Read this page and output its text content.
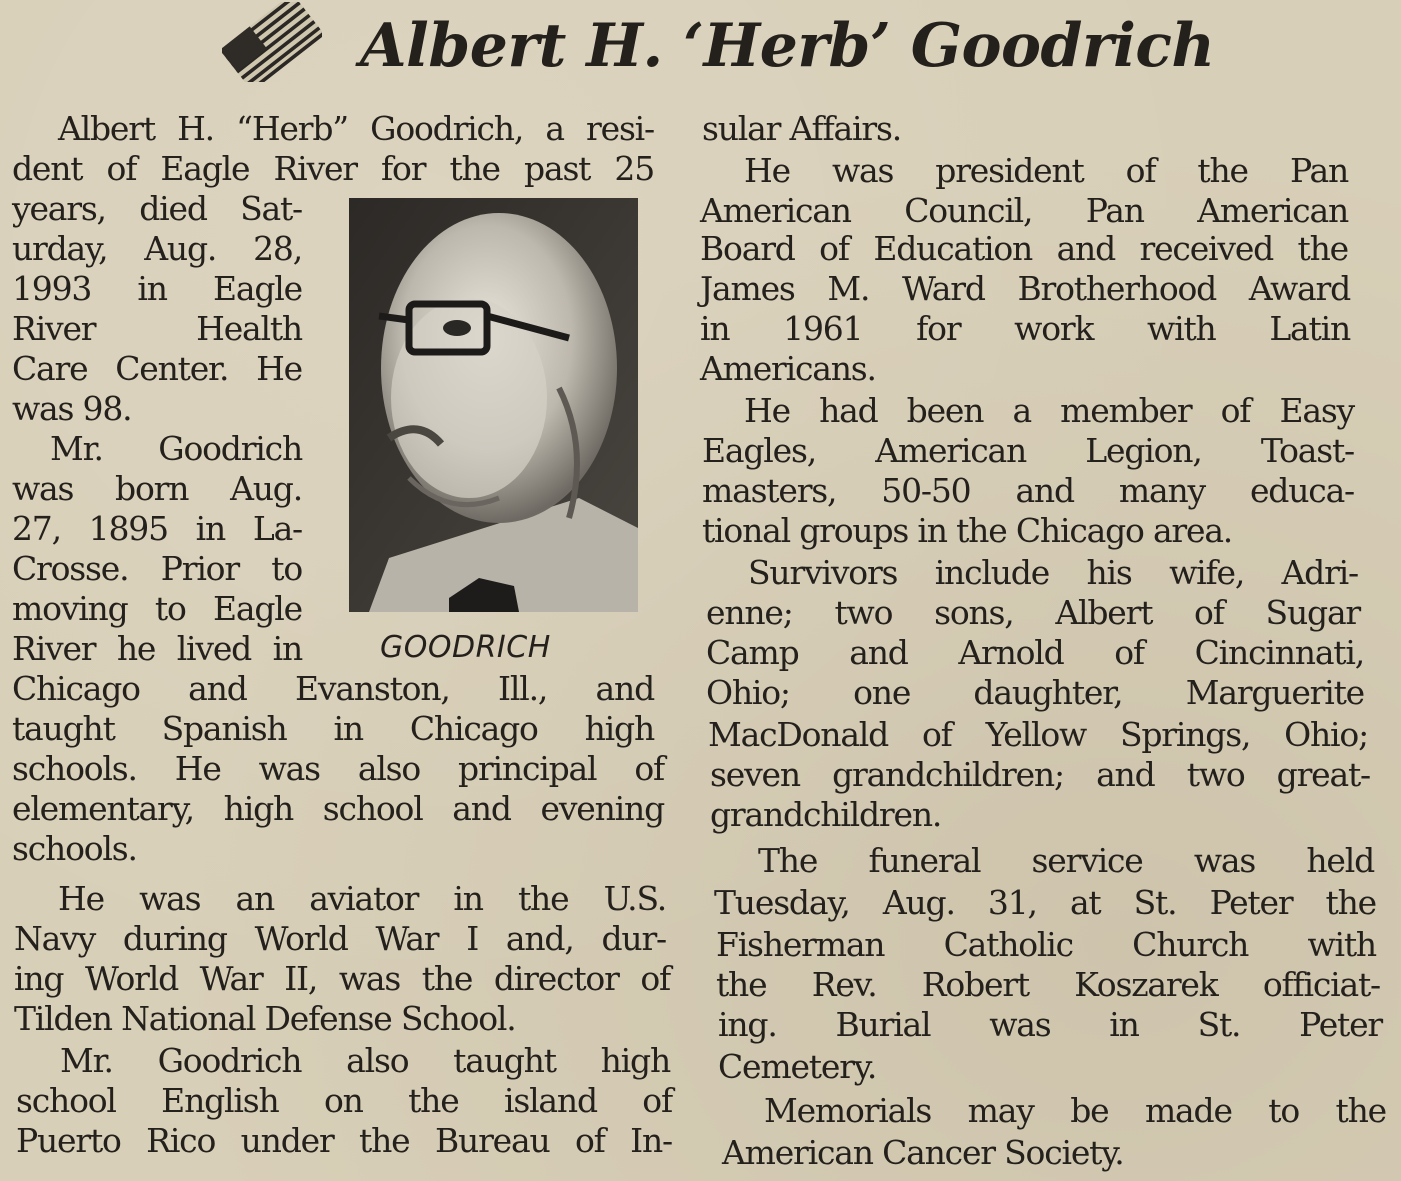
Albert H. ‘Herb’ Goodrich
Albert H. “Herb” Goodrich, a resi-
dent of Eagle River for the past 25
years, died Sat-
urday, Aug. 28,
1993 in Eagle
River Health
Care Center. He
was 98.
Mr. Goodrich
was born Aug.
27, 1895 in La-
Crosse. Prior to
moving to Eagle
River he lived in
Chicago and Evanston, Ill., and
taught Spanish in Chicago high
schools. He was also principal of
elementary, high school and evening
schools.
He was an aviator in the U.S.
Navy during World War I and, dur-
ing World War II, was the director of
Tilden National Defense School.
Mr. Goodrich also taught high
school English on the island of
Puerto Rico under the Bureau of In-
GOODRICH
sular Affairs.
He was president of the Pan
American Council, Pan American
Board of Education and received the
James M. Ward Brotherhood Award
in 1961 for work with Latin
Americans.
He had been a member of Easy
Eagles, American Legion, Toast-
masters, 50-50 and many educa-
tional groups in the Chicago area.
Survivors include his wife, Adri-
enne; two sons, Albert of Sugar
Camp and Arnold of Cincinnati,
Ohio; one daughter, Marguerite
MacDonald of Yellow Springs, Ohio;
seven grandchildren; and two great-
grandchildren.
The funeral service was held
Tuesday, Aug. 31, at St. Peter the
Fisherman Catholic Church with
the Rev. Robert Koszarek officiat-
ing. Burial was in St. Peter
Cemetery.
Memorials may be made to the
American Cancer Society.
